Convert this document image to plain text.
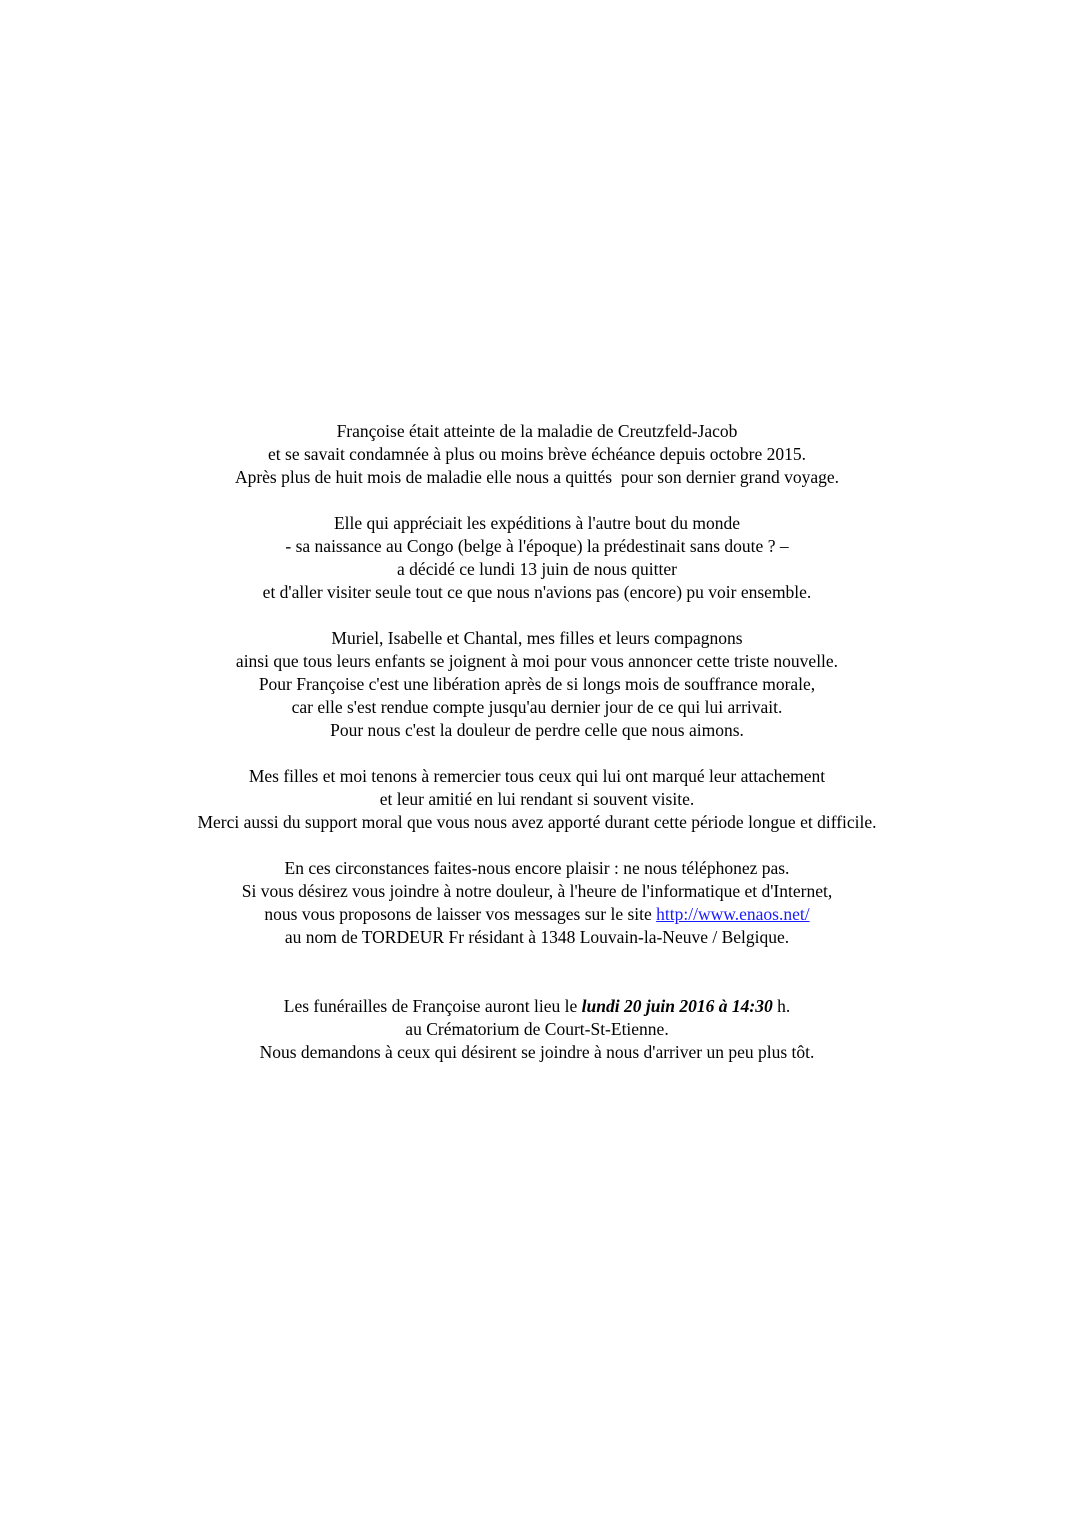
Françoise était atteinte de la maladie de Creutzfeld-Jacob
et se savait condamnée à plus ou moins brève échéance depuis octobre 2015.
Après plus de huit mois de maladie elle nous a quittés  pour son dernier grand voyage.
Elle qui appréciait les expéditions à l'autre bout du monde
- sa naissance au Congo (belge à l'époque) la prédestinait sans doute ? –
a décidé ce lundi 13 juin de nous quitter
et d'aller visiter seule tout ce que nous n'avions pas (encore) pu voir ensemble.
Muriel, Isabelle et Chantal, mes filles et leurs compagnons
ainsi que tous leurs enfants se joignent à moi pour vous annoncer cette triste nouvelle.
Pour Françoise c'est une libération après de si longs mois de souffrance morale,
car elle s'est rendue compte jusqu'au dernier jour de ce qui lui arrivait.
Pour nous c'est la douleur de perdre celle que nous aimons.
Mes filles et moi tenons à remercier tous ceux qui lui ont marqué leur attachement
et leur amitié en lui rendant si souvent visite.
Merci aussi du support moral que vous nous avez apporté durant cette période longue et difficile.
En ces circonstances faites-nous encore plaisir : ne nous téléphonez pas.
Si vous désirez vous joindre à notre douleur, à l'heure de l'informatique et d'Internet,
nous vous proposons de laisser vos messages sur le site http://www.enaos.net/
au nom de TORDEUR Fr résidant à 1348 Louvain-la-Neuve / Belgique.
Les funérailles de Françoise auront lieu le lundi 20 juin 2016 à 14:30 h.
au Crématorium de Court-St-Etienne.
Nous demandons à ceux qui désirent se joindre à nous d'arriver un peu plus tôt.
